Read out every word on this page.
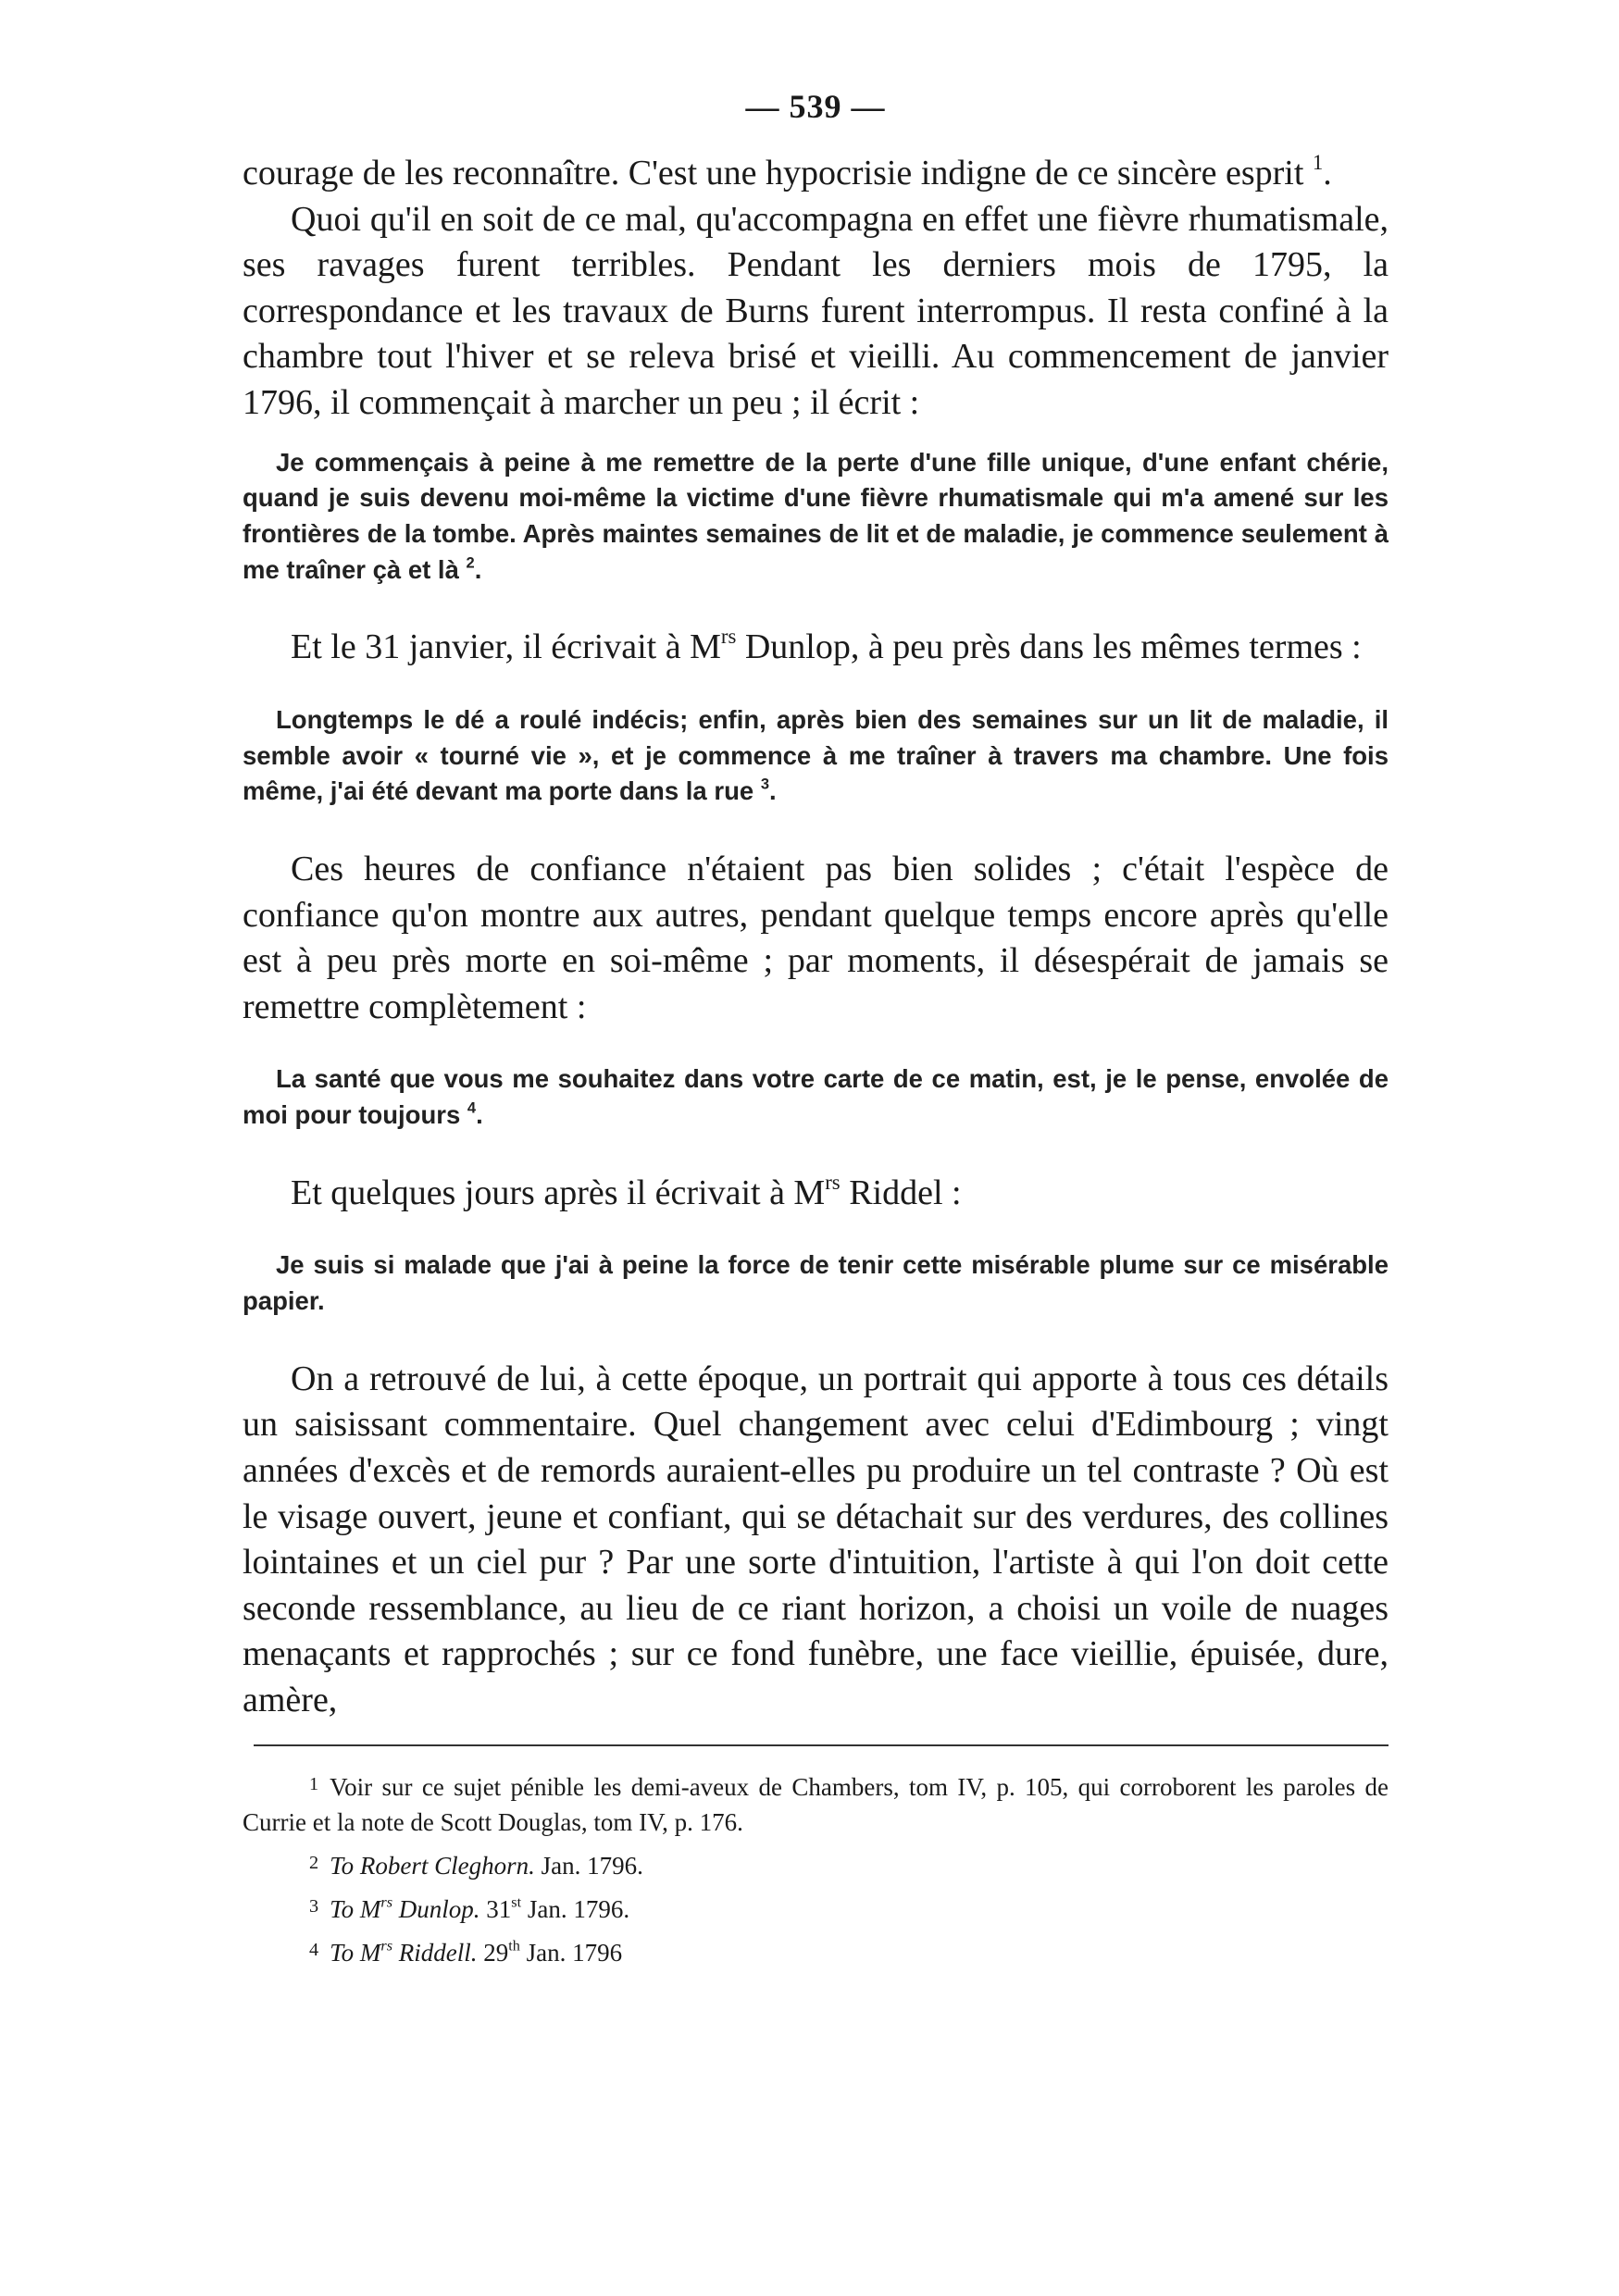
— 539 —

courage de les reconnaître. C'est une hypocrisie indigne de ce sincère esprit $^1$.

Quoi qu'il en soit de ce mal, qu'accompagna en effet une fièvre rhumatismale, ses ravages furent terribles. Pendant les derniers mois de 1795, la correspondance et les travaux de Burns furent interrompus. Il resta confiné à la chambre tout l'hiver et se releva brisé et vieilli. Au commencement de janvier 1796, il commençait à marcher un peu ; il écrit :

Je commençais à peine à me remettre de la perte d'une fille unique, d'une enfant chérie, quand je suis devenu moi-même la victime d'une fièvre rhumatismale qui m'a amené sur les frontières de la tombe. Après maintes semaines de lit et de maladie, je commence seulement à me traîner çà et là $^2$.

Et le 31 janvier, il écrivait à $M^{rs}$ Dunlop, à peu près dans les mêmes termes :

Longtemps le dé a roulé indécis; enfin, après bien des semaines sur un lit de maladie, il semble avoir « tourné vie », et je commence à me traîner à travers ma chambre. Une fois même, j'ai été devant ma porte dans la rue $^3$.

Ces heures de confiance n'étaient pas bien solides ; c'était l'espèce de confiance qu'on montre aux autres, pendant quelque temps encore après qu'elle est à peu près morte en soi-même ; par moments, il désespérait de jamais se remettre complètement :

La santé que vous me souhaitez dans votre carte de ce matin, est, je le pense, envolée de moi pour toujours $^4$.

Et quelques jours après il écrivait à $M^{rs}$ Riddel :

Je suis si malade que j'ai à peine la force de tenir cette misérable plume sur ce misérable papier.

On a retrouvé de lui, à cette époque, un portrait qui apporte à tous ces détails un saisissant commentaire. Quel changement avec celui d'Edimbourg ; vingt années d'excès et de remords auraient-elles pu produire un tel contraste ? Où est le visage ouvert, jeune et confiant, qui se détachait sur des verdures, des collines lointaines et un ciel pur ? Par une sorte d'intuition, l'artiste à qui l'on doit cette seconde ressemblance, au lieu de ce riant horizon, a choisi un voile de nuages menaçants et rapprochés ; sur ce fond funèbre, une face vieillie, épuisée, dure, amère,

1 Voir sur ce sujet pénible les demi-aveux de Chambers, tom IV, p. 105, qui corroborent les paroles de Currie et la note de Scott Douglas, tom IV, p. 176.

2 To Robert Cleghorn. Jan. 1796.

3 To $M^{rs}$ Dunlop. 31st Jan. 1796.

4 To $M^{rs}$ Riddell. 29th Jan. 1796
